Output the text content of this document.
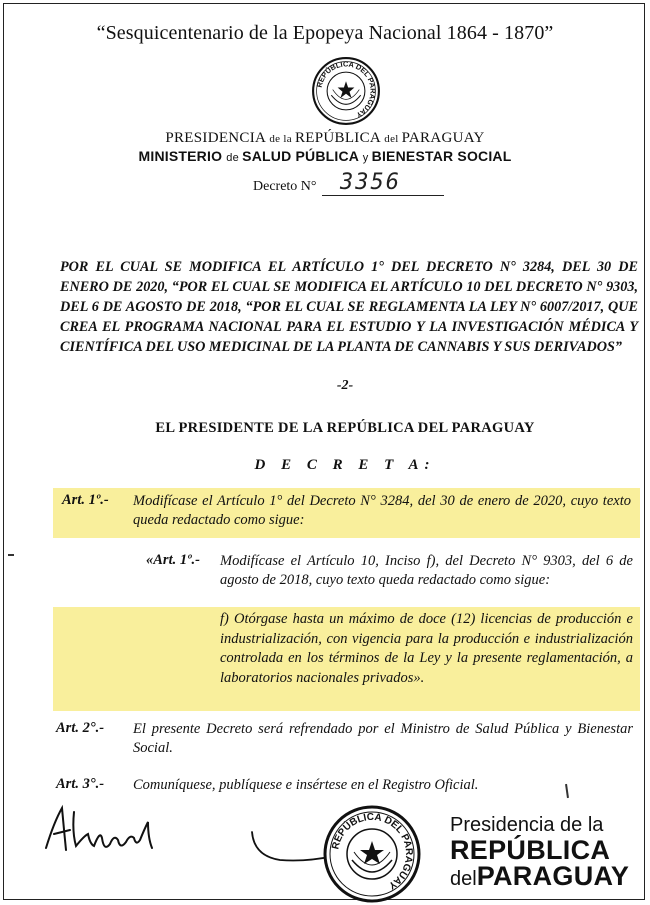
“Sesquicentenario de la Epopeya Nacional 1864 - 1870”
REPÚBLICA DEL PARAGUAY
PRESIDENCIA de la REPÚBLICA del PARAGUAY
MINISTERIO de SALUD PÚBLICA y BIENESTAR SOCIAL
Decreto N° 3356
POR EL CUAL SE MODIFICA EL ARTÍCULO 1° DEL DECRETO N° 3284, DEL 30 DE ENERO DE 2020, “POR EL CUAL SE MODIFICA EL ARTÍCULO 10 DEL DECRETO N° 9303, DEL 6 DE AGOSTO DE 2018, “POR EL CUAL SE REGLAMENTA LA LEY N° 6007/2017, QUE CREA EL PROGRAMA NACIONAL PARA EL ESTUDIO Y LA INVESTIGACIÓN MÉDICA Y CIENTÍFICA DEL USO MEDICINAL DE LA PLANTA DE CANNABIS Y SUS DERIVADOS”
-2-
EL PRESIDENTE DE LA REPÚBLICA DEL PARAGUAY
D E C R E T A:
Art. 1º.- Modifícase el Artículo 1° del Decreto N° 3284, del 30 de enero de 2020, cuyo texto queda redactado como sigue:
«Art. 1º.- Modifícase el Artículo 10, Inciso f), del Decreto N° 9303, del 6 de agosto de 2018, cuyo texto queda redactado como sigue:
f) Otórgase hasta un máximo de doce (12) licencias de producción e industrialización, con vigencia para la producción e industrialización controlada en los términos de la Ley y la presente reglamentación, a laboratorios nacionales privados».
Art. 2°.- El presente Decreto será refrendado por el Ministro de Salud Pública y Bienestar Social.
Art. 3°.- Comuníquese, publíquese e insértese en el Registro Oficial.
REPÚBLICA DEL PARAGUAY
Presidencia de la
REPÚBLICA
delPARAGUAY
